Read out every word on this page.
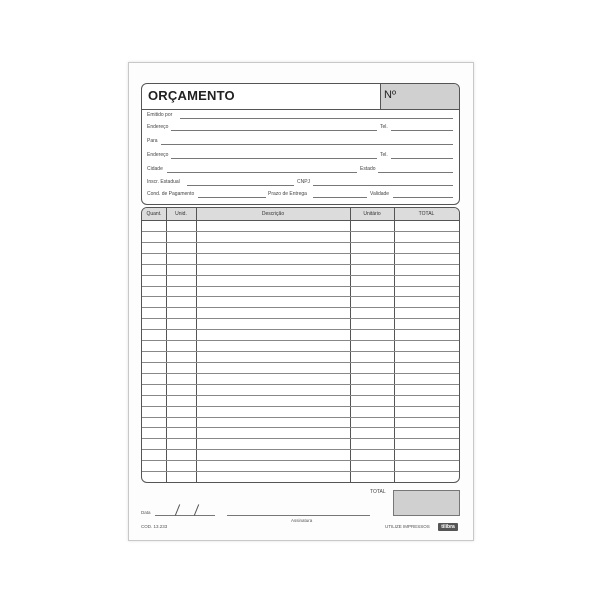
ORÇAMENTO	Nº
Emitido por
Endereço	Tel.
Para
Endereço	Tel.
Cidade	Estado
Inscr. Estadual	CNPJ
Cond. de Pagamento	Prazo de Entrega	Validade
Quant.	Unid.	Descrição	Unitário	TOTAL
TOTAL
Data
Assinatura
COD. 13.233	UTILIZE IMPRESSOS	tilibra
